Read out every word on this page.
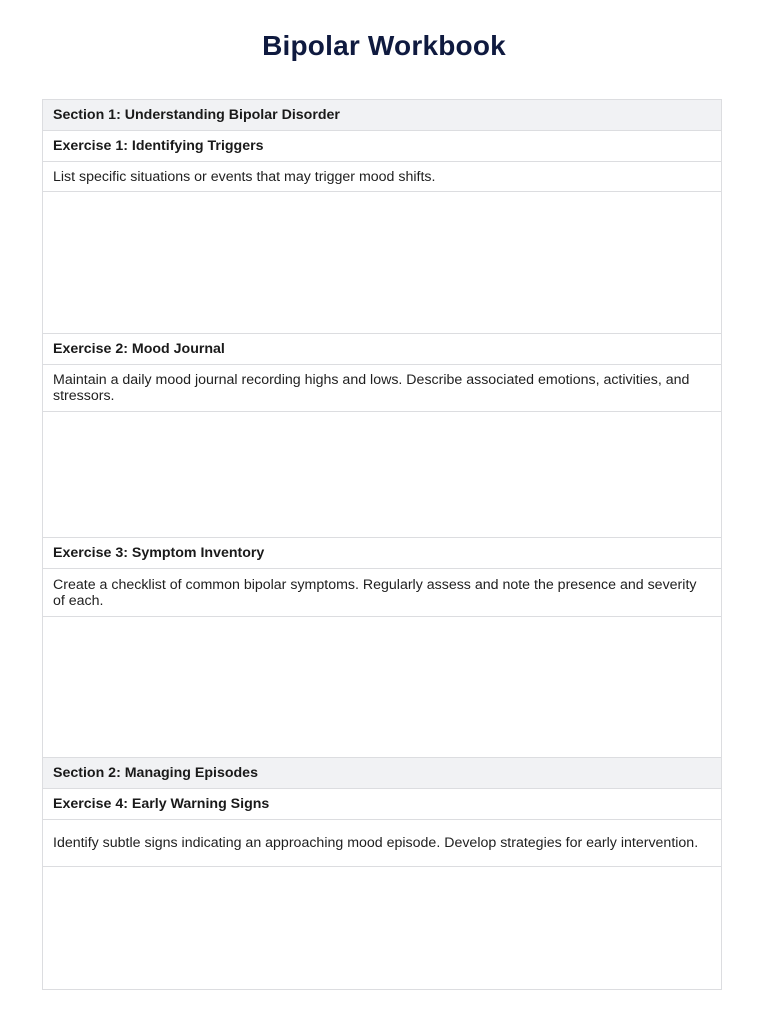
Bipolar Workbook
Section 1: Understanding Bipolar Disorder
Exercise 1: Identifying Triggers
List specific situations or events that may trigger mood shifts.
Exercise 2: Mood Journal
Maintain a daily mood journal recording highs and lows. Describe associated emotions, activities, and stressors.
Exercise 3: Symptom Inventory
Create a checklist of common bipolar symptoms. Regularly assess and note the presence and severity of each.
Section 2: Managing Episodes
Exercise 4: Early Warning Signs
Identify subtle signs indicating an approaching mood episode. Develop strategies for early intervention.
